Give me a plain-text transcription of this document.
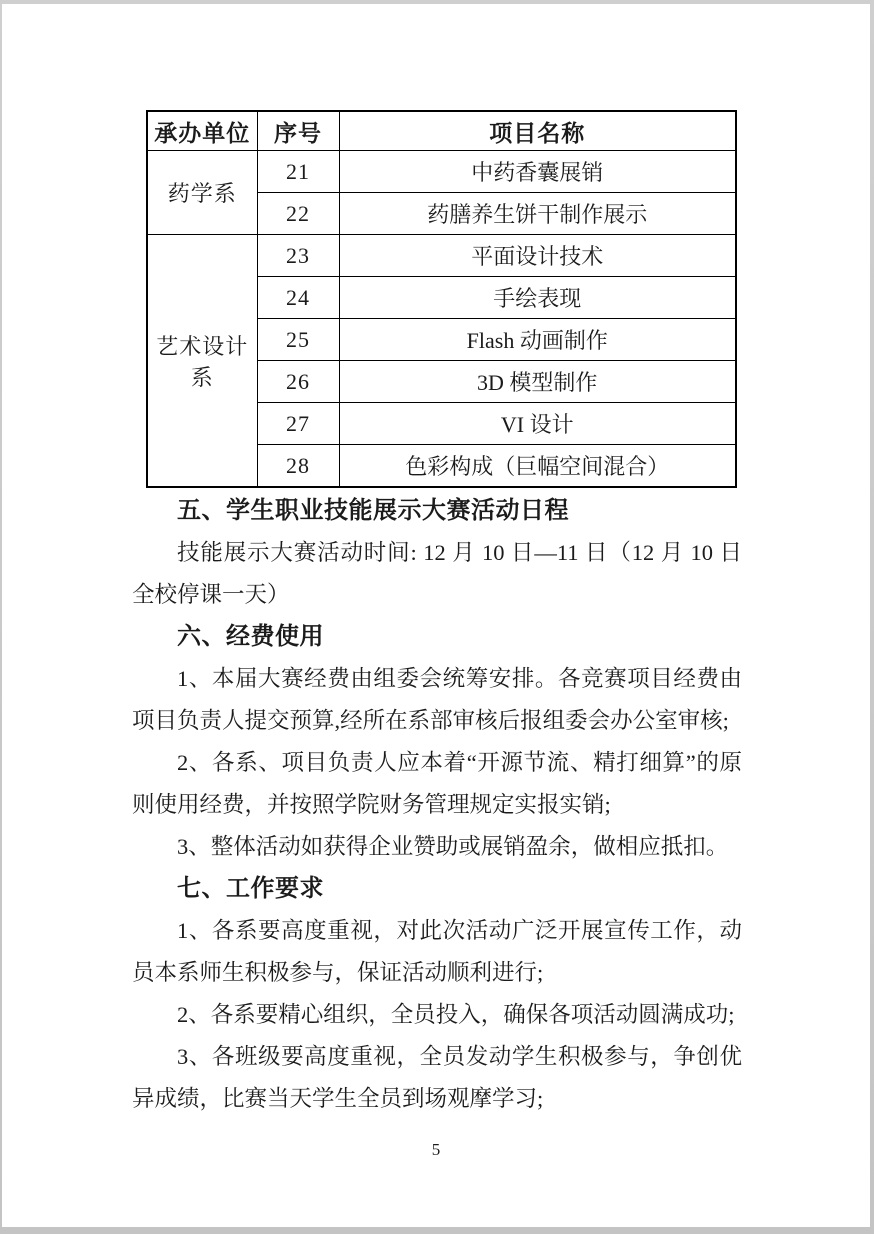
承办单位	序号	项目名称
药学系	21	中药香囊展销
	22	药膳养生饼干制作展示
艺术设计系	23	平面设计技术
	24	手绘表现
	25	Flash 动画制作
	26	3D 模型制作
	27	VI 设计
	28	色彩构成（巨幅空间混合）
五、学生职业技能展示大赛活动日程

技能展示大赛活动时间: 12 月 10 日—11 日（12 月 10 日全校停课一天）

六、经费使用

1、本届大赛经费由组委会统筹安排。各竞赛项目经费由项目负责人提交预算,经所在系部审核后报组委会办公室审核;

2、各系、项目负责人应本着“开源节流、精打细算”的原则使用经费，并按照学院财务管理规定实报实销;

3、整体活动如获得企业赞助或展销盈余，做相应抵扣。

七、工作要求

1、各系要高度重视，对此次活动广泛开展宣传工作，动员本系师生积极参与，保证活动顺利进行;

2、各系要精心组织，全员投入，确保各项活动圆满成功;

3、各班级要高度重视，全员发动学生积极参与，争创优异成绩，比赛当天学生全员到场观摩学习;

5
